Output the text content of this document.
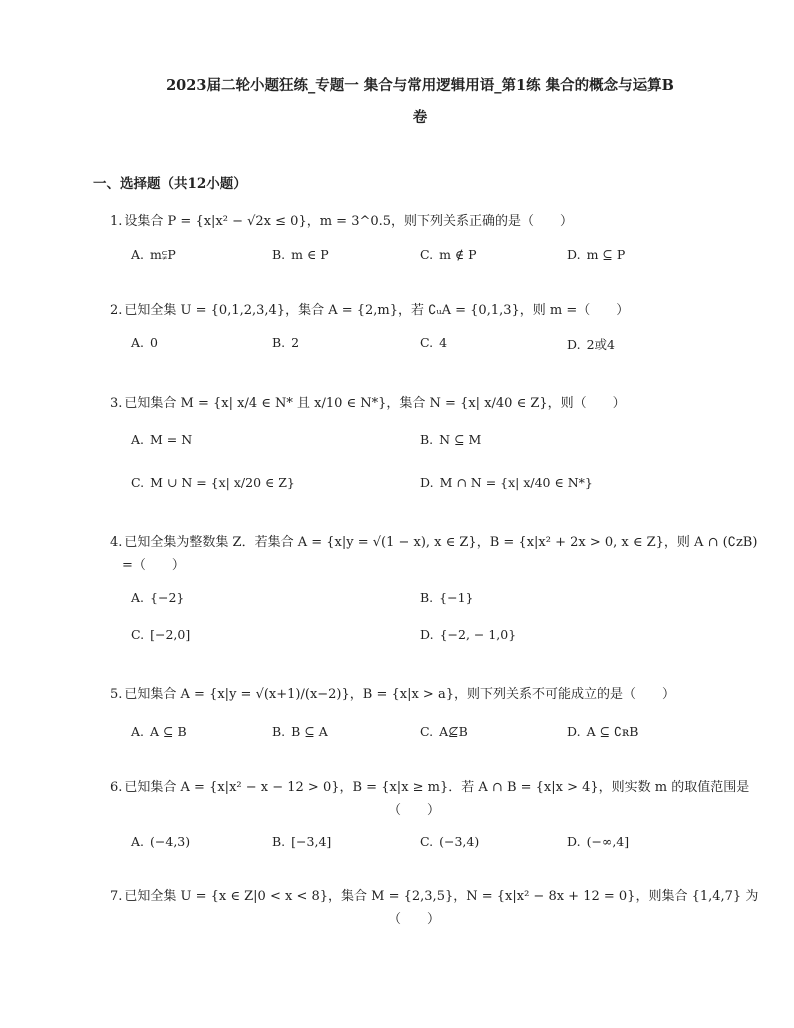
2023届二轮小题狂练_专题一 集合与常用逻辑用语_第1练 集合的概念与运算B
卷
一、选择题（共12小题）
1. 设集合 P = {x|x² − √2x ≤ 0}，m = 3^0.5，则下列关系正确的是（　　）
A. m⫋P	B. m ∈ P	C. m ∉ P	D. m ⊆ P
2. 已知全集 U = {0,1,2,3,4}，集合 A = {2,m}，若 ∁ᵤA = {0,1,3}，则 m =（　　）
A. 0	B. 2	C. 4	D. 2或4
3. 已知集合 M = {x| x/4 ∈ N* 且 x/10 ∈ N*}，集合 N = {x| x/40 ∈ Z}，则（　　）
A. M = N	B. N ⊆ M
C. M ∪ N = {x| x/20 ∈ Z}	D. M ∩ N = {x| x/40 ∈ N*}
4. 已知全集为整数集 Z．若集合 A = {x|y = √(1 − x), x ∈ Z}，B = {x|x² + 2x > 0, x ∈ Z}，则 A ∩ (∁zB)
=（　　）
A. {−2}	B. {−1}
C. [−2,0]	D. {−2, − 1,0}
5. 已知集合 A = {x|y = √(x+1)/(x−2)}，B = {x|x > a}，则下列关系不可能成立的是（　　）
A. A ⊆ B	B. B ⊆ A	C. A⊈B	D. A ⊆ ∁ʀB
6. 已知集合 A = {x|x² − x − 12 > 0}，B = {x|x ≥ m}．若 A ∩ B = {x|x > 4}，则实数 m 的取值范围是
（　　）
A. (−4,3)	B. [−3,4]	C. (−3,4)	D. (−∞,4]
7. 已知全集 U = {x ∈ Z|0 < x < 8}，集合 M = {2,3,5}，N = {x|x² − 8x + 12 = 0}，则集合 {1,4,7} 为
（　　）
